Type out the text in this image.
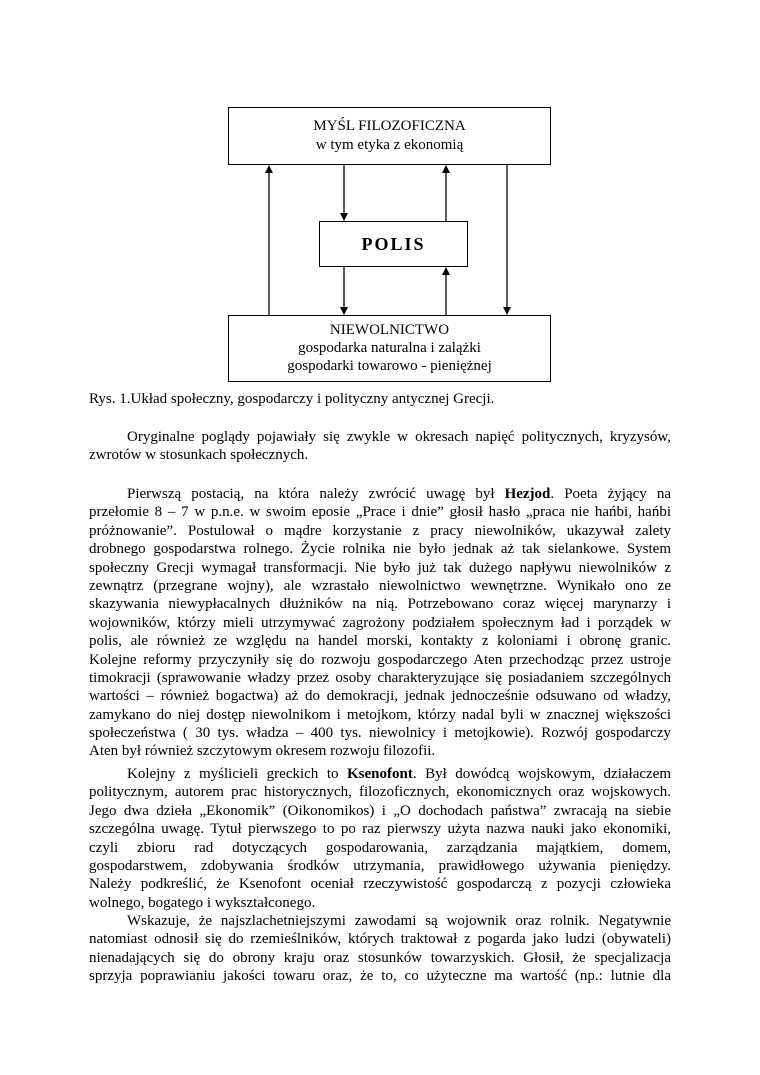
MYŚL FILOZOFICZNA
w tym etyka z ekonomią
POLIS
NIEWOLNICTWO
gospodarka naturalna i zalążki
gospodarki towarowo - pieniężnej
Rys. 1.Układ społeczny, gospodarczy i polityczny antycznej Grecji.
Oryginalne poglądy pojawiały się zwykle w okresach napięć politycznych, kryzysów,
zwrotów w stosunkach społecznych.
Pierwszą postacią, na która należy zwrócić uwagę był Hezjod. Poeta żyjący na
przełomie 8 – 7 w p.n.e. w swoim eposie „Prace i dnie” głosił hasło „praca nie hańbi, hańbi
próżnowanie”. Postulował o mądre korzystanie z pracy niewolników, ukazywał zalety
drobnego gospodarstwa rolnego. Życie rolnika nie było jednak aż tak sielankowe. System
społeczny Grecji wymagał transformacji. Nie było już tak dużego napływu niewolników z
zewnątrz (przegrane wojny), ale wzrastało niewolnictwo wewnętrzne. Wynikało ono ze
skazywania niewypłacalnych dłużników na nią. Potrzebowano coraz więcej marynarzy i
wojowników, którzy mieli utrzymywać zagrożony podziałem społecznym ład i porządek w
polis, ale również ze względu na handel morski, kontakty z koloniami i obronę granic.
Kolejne reformy przyczyniły się do rozwoju gospodarczego Aten przechodząc przez ustroje
timokracji (sprawowanie władzy przez osoby charakteryzujące się posiadaniem szczególnych
wartości – również bogactwa) aż do demokracji, jednak jednocześnie odsuwano od władzy,
zamykano do niej dostęp niewolnikom i metojkom, którzy nadal byli w znacznej większości
społeczeństwa ( 30 tys. władza – 400 tys. niewolnicy i metojkowie). Rozwój gospodarczy
Aten był również szczytowym okresem rozwoju filozofii.
Kolejny z myślicieli greckich to Ksenofont. Był dowódcą wojskowym, działaczem
politycznym, autorem prac historycznych, filozoficznych, ekonomicznych oraz wojskowych.
Jego dwa dzieła „Ekonomik” (Oikonomikos) i „O dochodach państwa” zwracają na siebie
szczególna uwagę. Tytuł pierwszego to po raz pierwszy użyta nazwa nauki jako ekonomiki,
czyli zbioru rad dotyczących gospodarowania, zarządzania majątkiem, domem,
gospodarstwem, zdobywania środków utrzymania, prawidłowego używania pieniędzy.
Należy podkreślić, że Ksenofont oceniał rzeczywistość gospodarczą z pozycji człowieka
wolnego, bogatego i wykształconego.
Wskazuje, że najszlachetniejszymi zawodami są wojownik oraz rolnik. Negatywnie
natomiast odnosił się do rzemieślników, których traktował z pogarda jako ludzi (obywateli)
nienadających się do obrony kraju oraz stosunków towarzyskich. Głosił, że specjalizacja
sprzyja poprawianiu jakości towaru oraz, że to, co użyteczne ma wartość (np.: lutnie dla
